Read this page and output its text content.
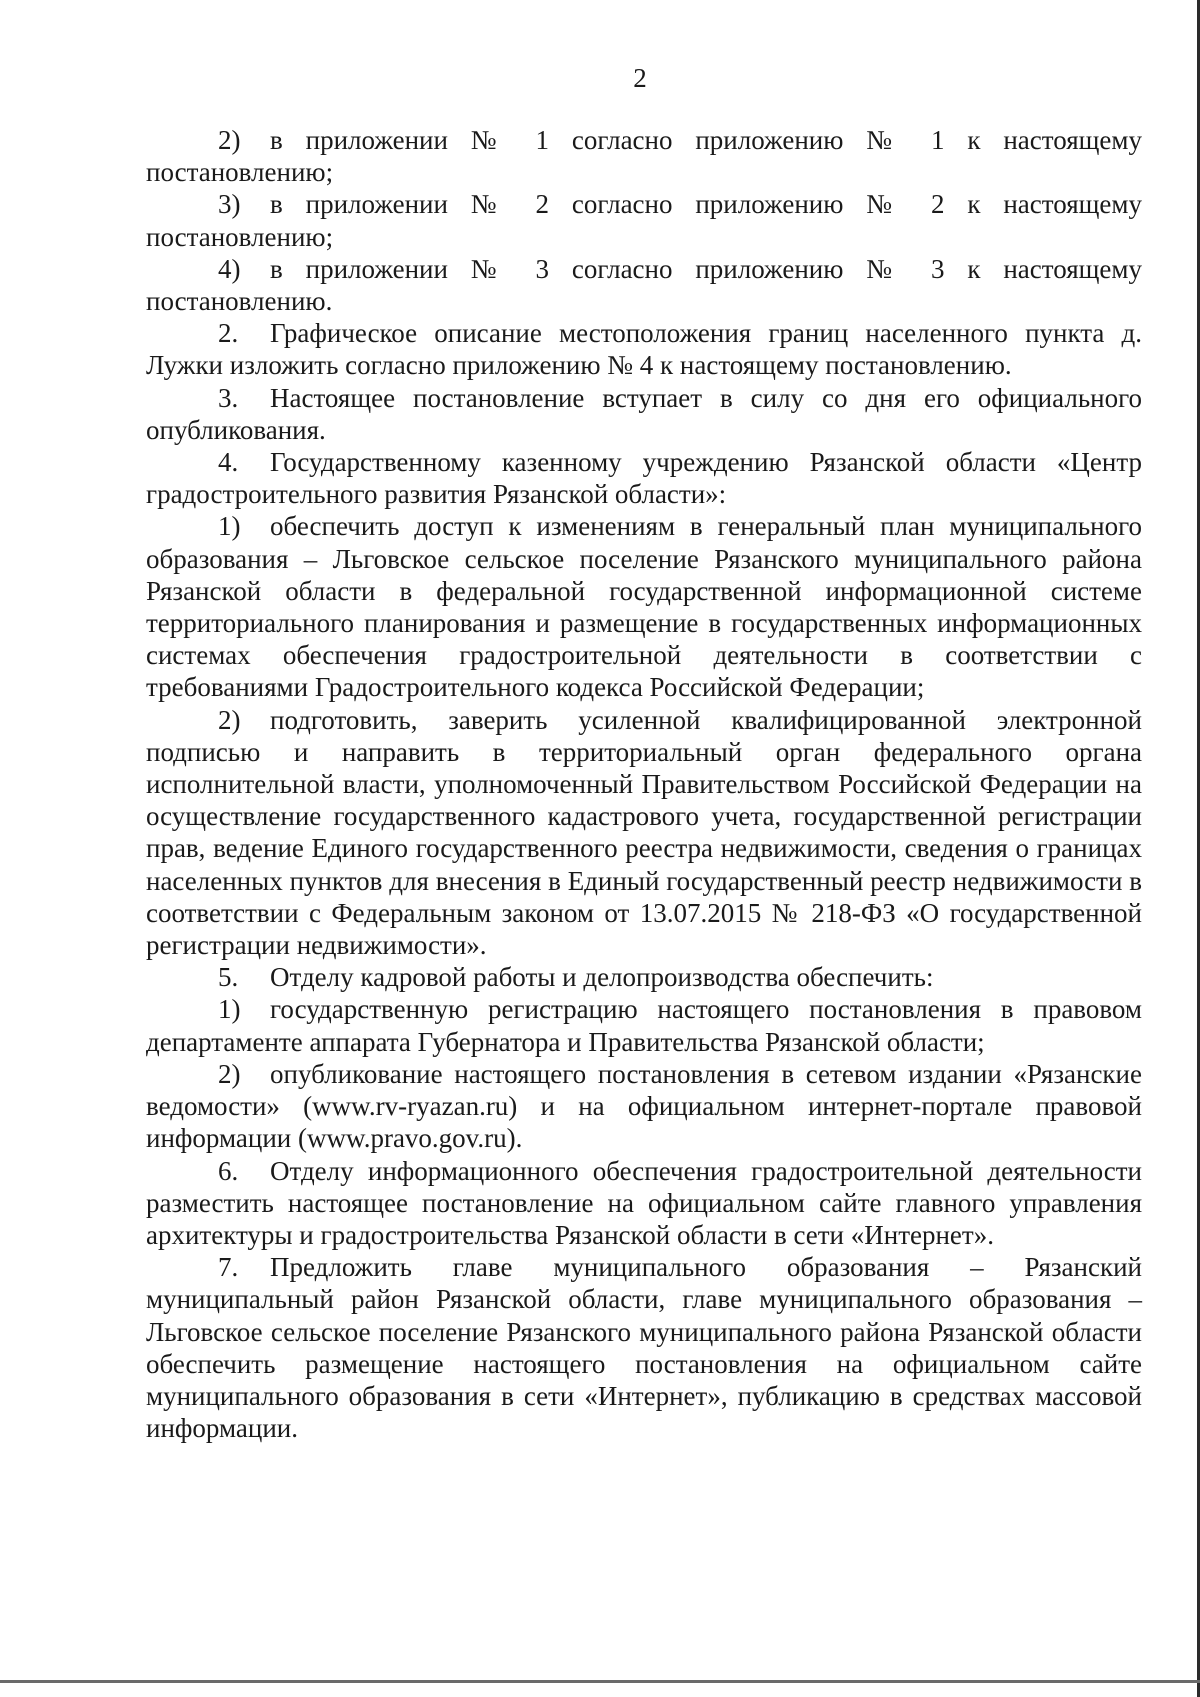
2

2) в приложении № 1 согласно приложению № 1 к настоящему постановлению;

3) в приложении № 2 согласно приложению № 2 к настоящему постановлению;

4) в приложении № 3 согласно приложению № 3 к настоящему постановлению.

2. Графическое описание местоположения границ населенного пункта д. Лужки изложить согласно приложению № 4 к настоящему постановлению.

3. Настоящее постановление вступает в силу со дня его официального опубликования.

4. Государственному казенному учреждению Рязанской области «Центр градостроительного развития Рязанской области»:

1) обеспечить доступ к изменениям в генеральный план муниципального образования – Льговское сельское поселение Рязанского муниципального района Рязанской области в федеральной государственной информационной системе территориального планирования и размещение в государственных информационных системах обеспечения градостроительной деятельности в соответствии с требованиями Градостроительного кодекса Российской Федерации;

2) подготовить, заверить усиленной квалифицированной электронной подписью и направить в территориальный орган федерального органа исполнительной власти, уполномоченный Правительством Российской Федерации на осуществление государственного кадастрового учета, государственной регистрации прав, ведение Единого государственного реестра недвижимости, сведения о границах населенных пунктов для внесения в Единый государственный реестр недвижимости в соответствии с Федеральным законом от 13.07.2015 № 218-ФЗ «О государственной регистрации недвижимости».

5. Отделу кадровой работы и делопроизводства обеспечить:

1) государственную регистрацию настоящего постановления в правовом департаменте аппарата Губернатора и Правительства Рязанской области;

2) опубликование настоящего постановления в сетевом издании «Рязанские ведомости» (www.rv-ryazan.ru) и на официальном интернет-портале правовой информации (www.pravo.gov.ru).

6. Отделу информационного обеспечения градостроительной деятельности разместить настоящее постановление на официальном сайте главного управления архитектуры и градостроительства Рязанской области в сети «Интернет».

7. Предложить главе муниципального образования – Рязанский муниципальный район Рязанской области, главе муниципального образования – Льговское сельское поселение Рязанского муниципального района Рязанской области обеспечить размещение настоящего постановления на официальном сайте муниципального образования в сети «Интернет», публикацию в средствах массовой информации.
